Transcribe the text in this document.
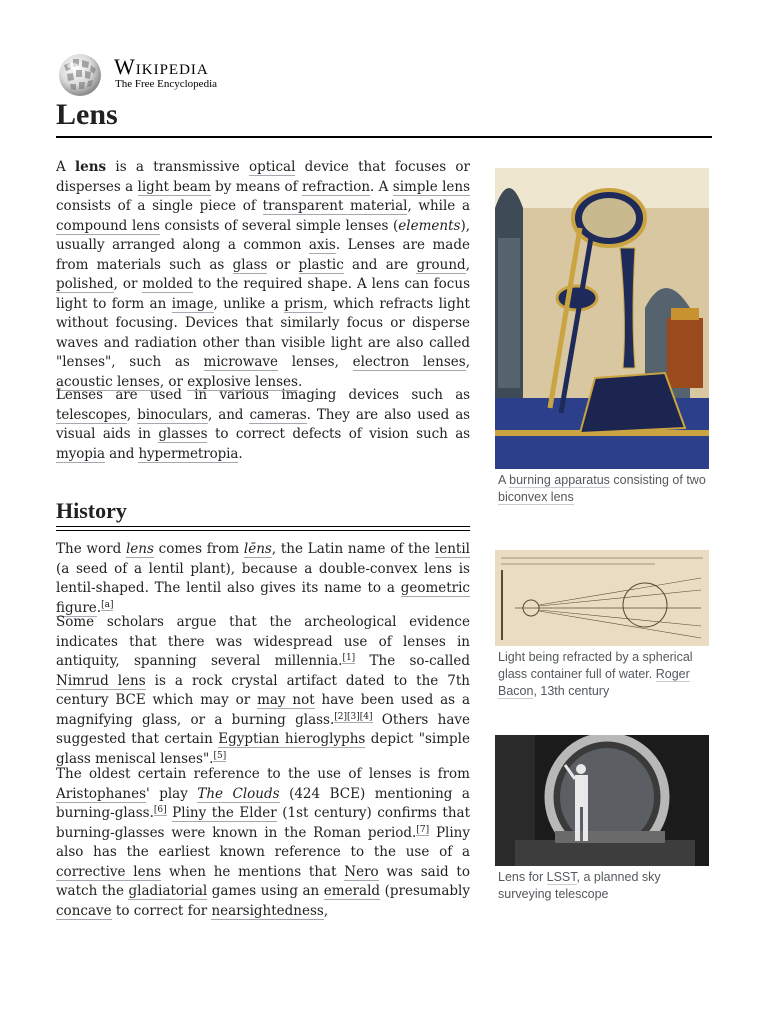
Wikipedia
The Free Encyclopedia
Lens

A lens is a transmissive optical device that focuses or disperses a light beam by means of refraction. A simple lens consists of a single piece of transparent material, while a compound lens consists of several simple lenses (elements), usually arranged along a common axis. Lenses are made from materials such as glass or plastic and are ground, polished, or molded to the required shape. A lens can focus light to form an image, unlike a prism, which refracts light without focusing. Devices that similarly focus or disperse waves and radiation other than visible light are also called "lenses", such as microwave lenses, electron lenses, acoustic lenses, or explosive lenses.

Lenses are used in various imaging devices such as telescopes, binoculars, and cameras. They are also used as visual aids in glasses to correct defects of vision such as myopia and hypermetropia.

History

The word lens comes from lēns, the Latin name of the lentil (a seed of a lentil plant), because a double-convex lens is lentil-shaped. The lentil also gives its name to a geometric figure.[a]

Some scholars argue that the archeological evidence indicates that there was widespread use of lenses in antiquity, spanning several millennia.[1] The so-called Nimrud lens is a rock crystal artifact dated to the 7th century BCE which may or may not have been used as a magnifying glass, or a burning glass.[2][3][4] Others have suggested that certain Egyptian hieroglyphs depict "simple glass meniscal lenses".[5]

The oldest certain reference to the use of lenses is from Aristophanes' play The Clouds (424 BCE) mentioning a burning-glass.[6] Pliny the Elder (1st century) confirms that burning-glasses were known in the Roman period.[7] Pliny also has the earliest known reference to the use of a corrective lens when he mentions that Nero was said to watch the gladiatorial games using an emerald (presumably concave to correct for nearsightedness,

A burning apparatus consisting of two biconvex lens
Light being refracted by a spherical glass container full of water. Roger Bacon, 13th century
Lens for LSST, a planned sky surveying telescope
